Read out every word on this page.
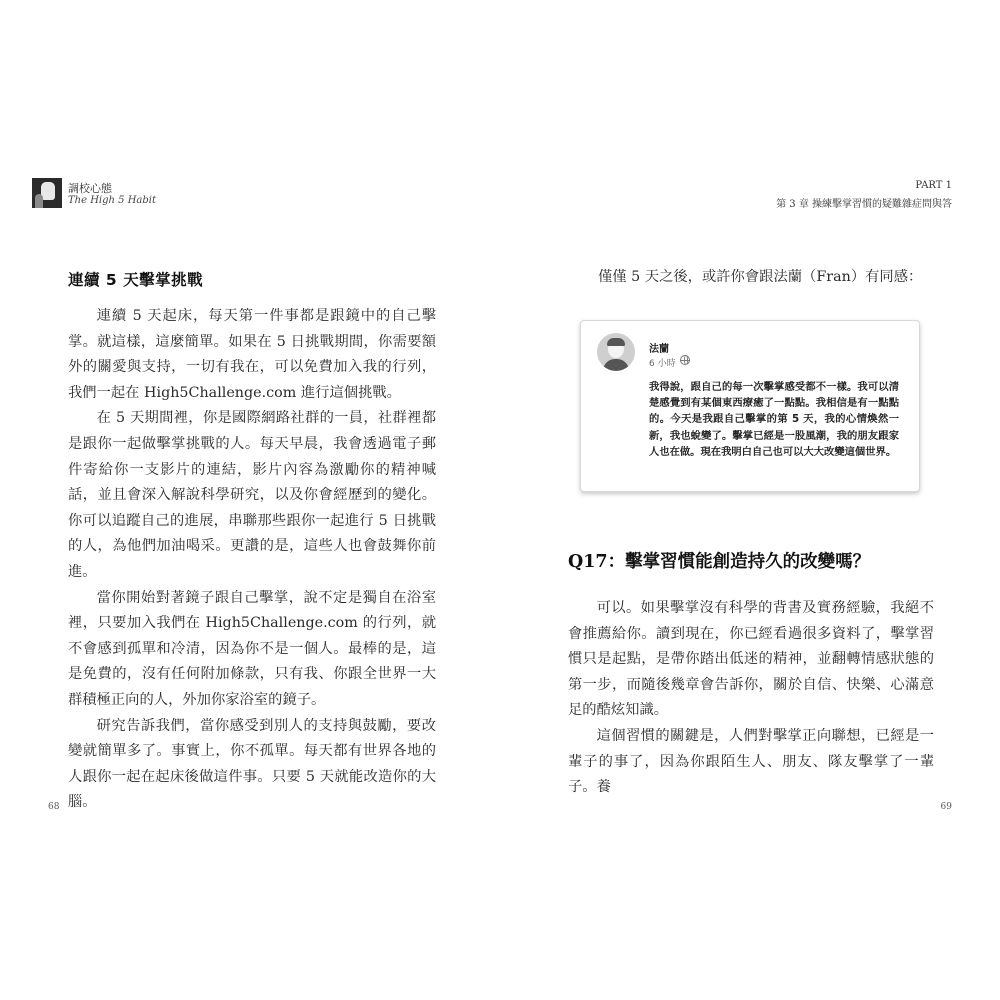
調校心態
The High 5 Habit
連續 5 天擊掌挑戰

連續 5 天起床，每天第一件事都是跟鏡中的自己擊掌。就這樣，這麼簡單。如果在 5 日挑戰期間，你需要額外的關愛與支持，一切有我在，可以免費加入我的行列，我們一起在 High5Challenge.com 進行這個挑戰。

在 5 天期間裡，你是國際網路社群的一員，社群裡都是跟你一起做擊掌挑戰的人。每天早晨，我會透過電子郵件寄給你一支影片的連結，影片內容為激勵你的精神喊話，並且會深入解說科學研究，以及你會經歷到的變化。你可以追蹤自己的進展，串聯那些跟你一起進行 5 日挑戰的人，為他們加油喝采。更讚的是，這些人也會鼓舞你前進。

當你開始對著鏡子跟自己擊掌，說不定是獨自在浴室裡，只要加入我們在 High5Challenge.com 的行列，就不會感到孤單和冷清，因為你不是一個人。最棒的是，這是免費的，沒有任何附加條款，只有我、你跟全世界一大群積極正向的人，外加你家浴室的鏡子。

研究告訴我們，當你感受到別人的支持與鼓勵，要改變就簡單多了。事實上，你不孤單。每天都有世界各地的人跟你一起在起床後做這件事。只要 5 天就能改造你的大腦。

68
PART 1
第 3 章 操練擊掌習慣的疑難雜症問與答
僅僅 5 天之後，或許你會跟法蘭（Fran）有同感：
法蘭
6 小時
我得說，跟自己的每一次擊掌感受都不一樣。我可以清楚感覺到有某個東西療癒了一點點。我相信是有一點點的。今天是我跟自己擊掌的第 5 天，我的心情煥然一新，我也蛻變了。擊掌已經是一股風潮，我的朋友跟家人也在做。現在我明白自己也可以大大改變這個世界。
Q17：擊掌習慣能創造持久的改變嗎？

可以。如果擊掌沒有科學的背書及實務經驗，我絕不會推薦給你。讀到現在，你已經看過很多資料了，擊掌習慣只是起點，是帶你踏出低迷的精神，並翻轉情感狀態的第一步，而隨後幾章會告訴你，關於自信、快樂、心滿意足的酷炫知識。

這個習慣的關鍵是，人們對擊掌正向聯想，已經是一輩子的事了，因為你跟陌生人、朋友、隊友擊掌了一輩子。養

69
